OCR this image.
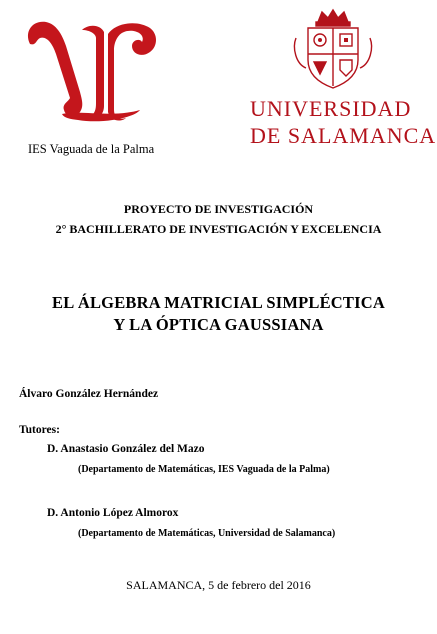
IES Vaguada de la Palma
UNIVERSIDAD
DE SALAMANCA
PROYECTO DE INVESTIGACIÓN
2° BACHILLERATO DE INVESTIGACIÓN Y EXCELENCIA
EL ÁLGEBRA MATRICIAL SIMPLÉCTICA
Y LA ÓPTICA GAUSSIANA
Álvaro González Hernández
Tutores:
D. Anastasio González del Mazo
(Departamento de Matemáticas, IES Vaguada de la Palma)
D. Antonio López Almorox
(Departamento de Matemáticas, Universidad de Salamanca)
SALAMANCA, 5 de febrero del 2016
